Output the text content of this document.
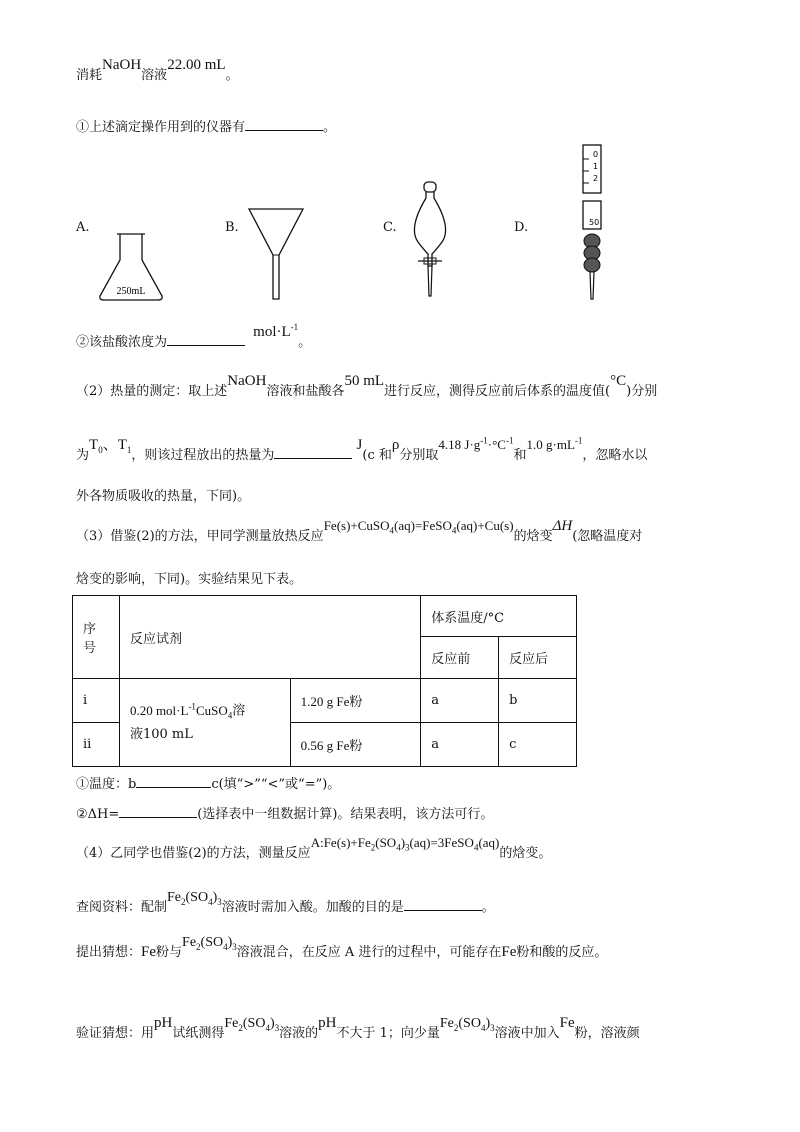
消耗NaOH溶液22.00 mL。
①上述滴定操作用到的仪器有	。
A.	B.	C.	D.
250mL
0
1
2
50
②该盐酸浓度为 $mol\cdot L^{-1}$。
（2）热量的测定：取上述NaOH溶液和盐酸各50 mL进行反应，测得反应前后体系的温度值(°C)分别
为$T_0$、$T_1$，则该过程放出的热量为 J(c 和ρ分别取4.18 $J\cdot g^{-1}\cdot^\circ C^{-1}$和1.0 $g\cdot mL^{-1}$，忽略水以
外各物质吸收的热量，下同)。
（3）借鉴(2)的方法，甲同学测量放热反应Fe(s)+CuSO$_4$(aq)=FeSO$_4$(aq)+Cu(s)的焓变ΔH(忽略温度对
焓变的影响，下同)。实验结果见下表。
序号	反应试剂		体系温度/°C	
			反应前	反应后
i	0.20 $mol\cdot L^{-1}CuSO_4$溶
液100 mL	1.20 g Fe粉	a	b
ii		0.56 g Fe粉	a	c
①温度：b	c(填“>”“<”或“=”)。
②ΔH=	(选择表中一组数据计算)。结果表明，该方法可行。
（4）乙同学也借鉴(2)的方法，测量反应$A:Fe(s)+Fe_2(SO_4)_3(aq)=3FeSO_4(aq)$的焓变。
查阅资料：配制$Fe_2(SO_4)_3$溶液时需加入酸。加酸的目的是	。
提出猜想：Fe粉与$Fe_2(SO_4)_3$溶液混合，在反应 A 进行的过程中，可能存在Fe粉和酸的反应。
验证猜想：用pH试纸测得$Fe_2(SO_4)_3$溶液的pH不大于 1；向少量$Fe_2(SO_4)_3$溶液中加入Fe粉，溶液颜
